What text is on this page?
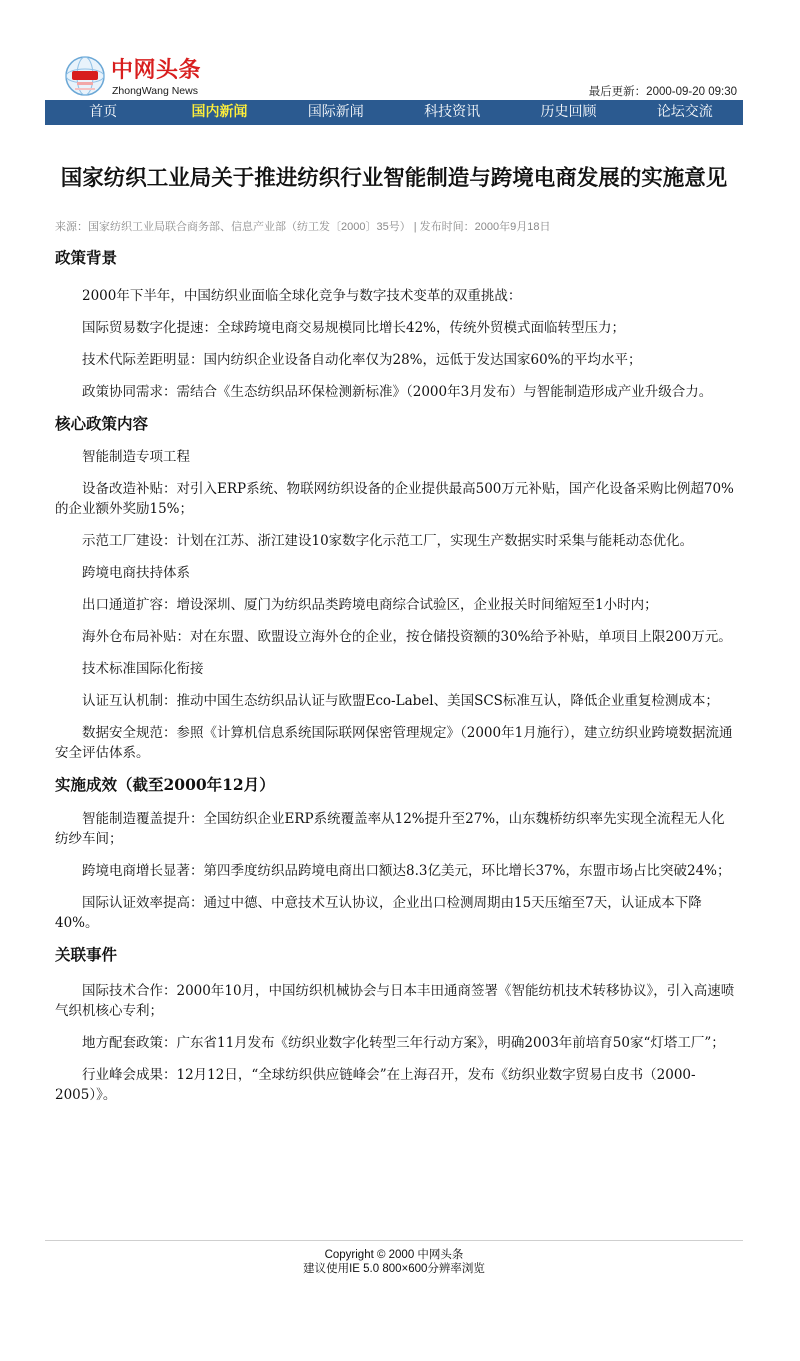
中网头条
ZhongWang News	最后更新：2000-09-20 09:30
首页	国内新闻	国际新闻	科技资讯	历史回顾	论坛交流
国家纺织工业局关于推进纺织行业智能制造与跨境电商发展的实施意见
来源：国家纺织工业局联合商务部、信息产业部（纺工发〔2000〕35号） | 发布时间：2000年9月18日
政策背景

2000年下半年，中国纺织业面临全球化竞争与数字技术变革的双重挑战：

国际贸易数字化提速：全球跨境电商交易规模同比增长42%，传统外贸模式面临转型压力；

技术代际差距明显：国内纺织企业设备自动化率仅为28%，远低于发达国家60%的平均水平；

政策协同需求：需结合《生态纺织品环保检测新标准》（2000年3月发布）与智能制造形成产业升级合力。

核心政策内容

智能制造专项工程

设备改造补贴：对引入ERP系统、物联网纺织设备的企业提供最高500万元补贴，国产化设备采购比例超70%的企业额外奖励15%；

示范工厂建设：计划在江苏、浙江建设10家数字化示范工厂，实现生产数据实时采集与能耗动态优化。

跨境电商扶持体系

出口通道扩容：增设深圳、厦门为纺织品类跨境电商综合试验区，企业报关时间缩短至1小时内；

海外仓布局补贴：对在东盟、欧盟设立海外仓的企业，按仓储投资额的30%给予补贴，单项目上限200万元。

技术标准国际化衔接

认证互认机制：推动中国生态纺织品认证与欧盟Eco-Label、美国SCS标准互认，降低企业重复检测成本；

数据安全规范：参照《计算机信息系统国际联网保密管理规定》（2000年1月施行），建立纺织业跨境数据流通安全评估体系。

实施成效（截至2000年12月）

智能制造覆盖提升：全国纺织企业ERP系统覆盖率从12%提升至27%，山东魏桥纺织率先实现全流程无人化纺纱车间；

跨境电商增长显著：第四季度纺织品跨境电商出口额达8.3亿美元，环比增长37%，东盟市场占比突破24%；

国际认证效率提高：通过中德、中意技术互认协议，企业出口检测周期由15天压缩至7天，认证成本下降40%。

关联事件

国际技术合作：2000年10月，中国纺织机械协会与日本丰田通商签署《智能纺机技术转移协议》，引入高速喷气织机核心专利；

地方配套政策：广东省11月发布《纺织业数字化转型三年行动方案》，明确2003年前培育50家“灯塔工厂”；

行业峰会成果：12月12日，“全球纺织供应链峰会”在上海召开，发布《纺织业数字贸易白皮书（2000-2005）》。

Copyright © 2000 中网头条
建议使用IE 5.0 800×600分辨率浏览
